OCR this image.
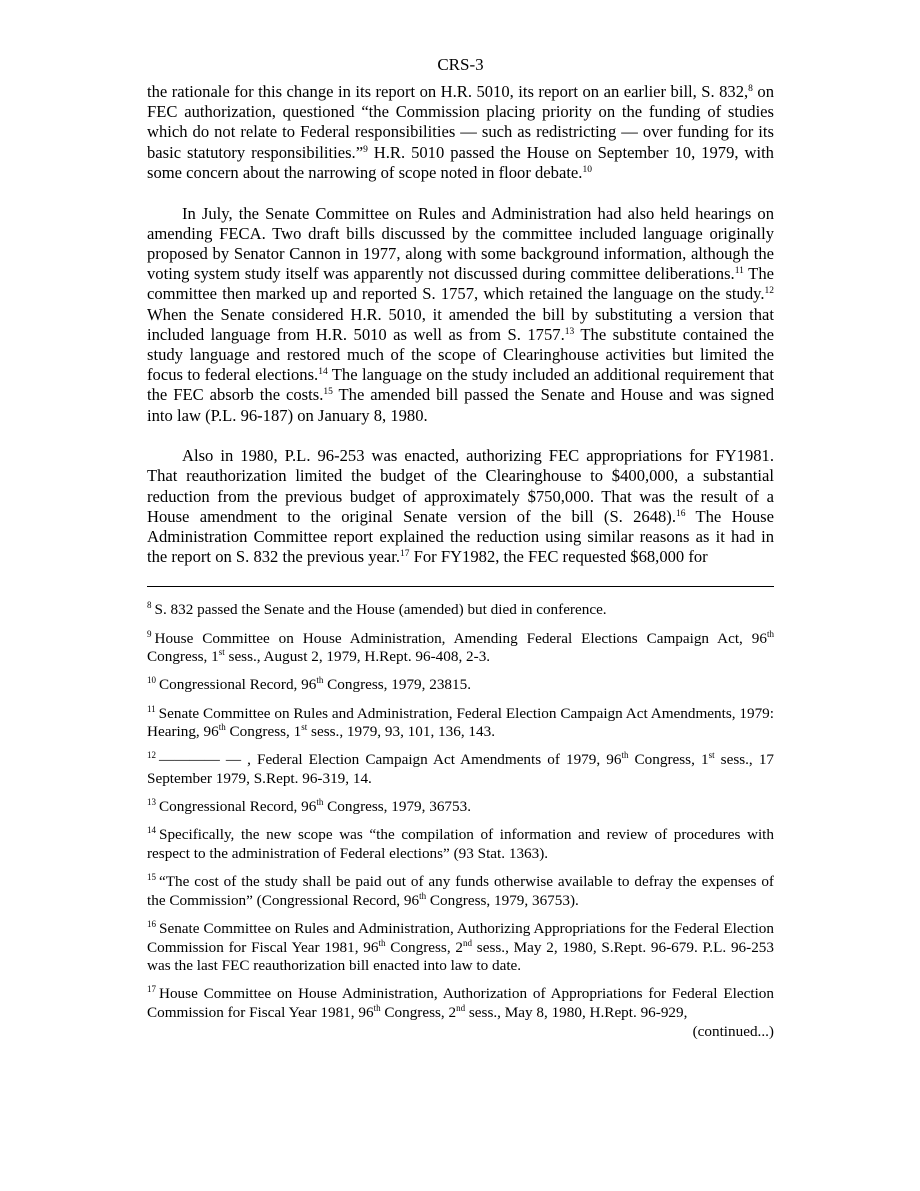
CRS-3

the rationale for this change in its report on H.R. 5010, its report on an earlier bill, S. 832,$^8$ on FEC authorization, questioned “the Commission placing priority on the funding of studies which do not relate to Federal responsibilities — such as redistricting — over funding for its basic statutory responsibilities.”$^9$ H.R. 5010 passed the House on September 10, 1979, with some concern about the narrowing of scope noted in floor debate.$^{10}$

In July, the Senate Committee on Rules and Administration had also held hearings on amending FECA. Two draft bills discussed by the committee included language originally proposed by Senator Cannon in 1977, along with some background information, although the voting system study itself was apparently not discussed during committee deliberations.$^{11}$ The committee then marked up and reported S. 1757, which retained the language on the study.$^{12}$ When the Senate considered H.R. 5010, it amended the bill by substituting a version that included language from H.R. 5010 as well as from S. 1757.13 The substitute contained the study language and restored much of the scope of Clearinghouse activities but limited the focus to federal elections.$^{14}$ The language on the study included an additional requirement that the FEC absorb the costs.$^{15}$ The amended bill passed the Senate and House and was signed into law (P.L. 96-187) on January 8, 1980.

Also in 1980, P.L. 96-253 was enacted, authorizing FEC appropriations for FY1981. That reauthorization limited the budget of the Clearinghouse to $400,000, a substantial reduction from the previous budget of approximately $750,000. That was the result of a House amendment to the original Senate version of the bill (S. 2648).$^{16}$ The House Administration Committee report explained the reduction using similar reasons as it had in the report on S. 832 the previous year.$^{17}$ For FY1982, the FEC requested $68,000 for

$^8$ S. 832 passed the Senate and the House (amended) but died in conference.

$^9$ House Committee on House Administration, Amending Federal Elections Campaign Act, 96th Congress, 1st sess., August 2, 1979, H.Rept. 96-408, 2-3.

$^{10}$ Congressional Record, 96th Congress, 1979, 23815.

$^{11}$ Senate Committee on Rules and Administration, Federal Election Campaign Act Amendments, 1979: Hearing, 96th Congress, 1st sess., 1979, 93, 101, 136, 143.

$^{12}$ ———— — , Federal Election Campaign Act Amendments of 1979, 96th Congress, 1st sess., 17 September 1979, S.Rept. 96-319, 14.

$^{13}$ Congressional Record, 96th Congress, 1979, 36753.

$^{14}$ Specifically, the new scope was “the compilation of information and review of procedures with respect to the administration of Federal elections” (93 Stat. 1363).

$^{15}$ “The cost of the study shall be paid out of any funds otherwise available to defray the expenses of the Commission” (Congressional Record, 96th Congress, 1979, 36753).

$^{16}$ Senate Committee on Rules and Administration, Authorizing Appropriations for the Federal Election Commission for Fiscal Year 1981, 96th Congress, 2nd sess., May 2, 1980, S.Rept. 96-679. P.L. 96-253 was the last FEC reauthorization bill enacted into law to date.

$^{17}$ House Committee on House Administration, Authorization of Appropriations for Federal Election Commission for Fiscal Year 1981, 96th Congress, 2nd sess., May 8, 1980, H.Rept. 96-929,

(continued...)
